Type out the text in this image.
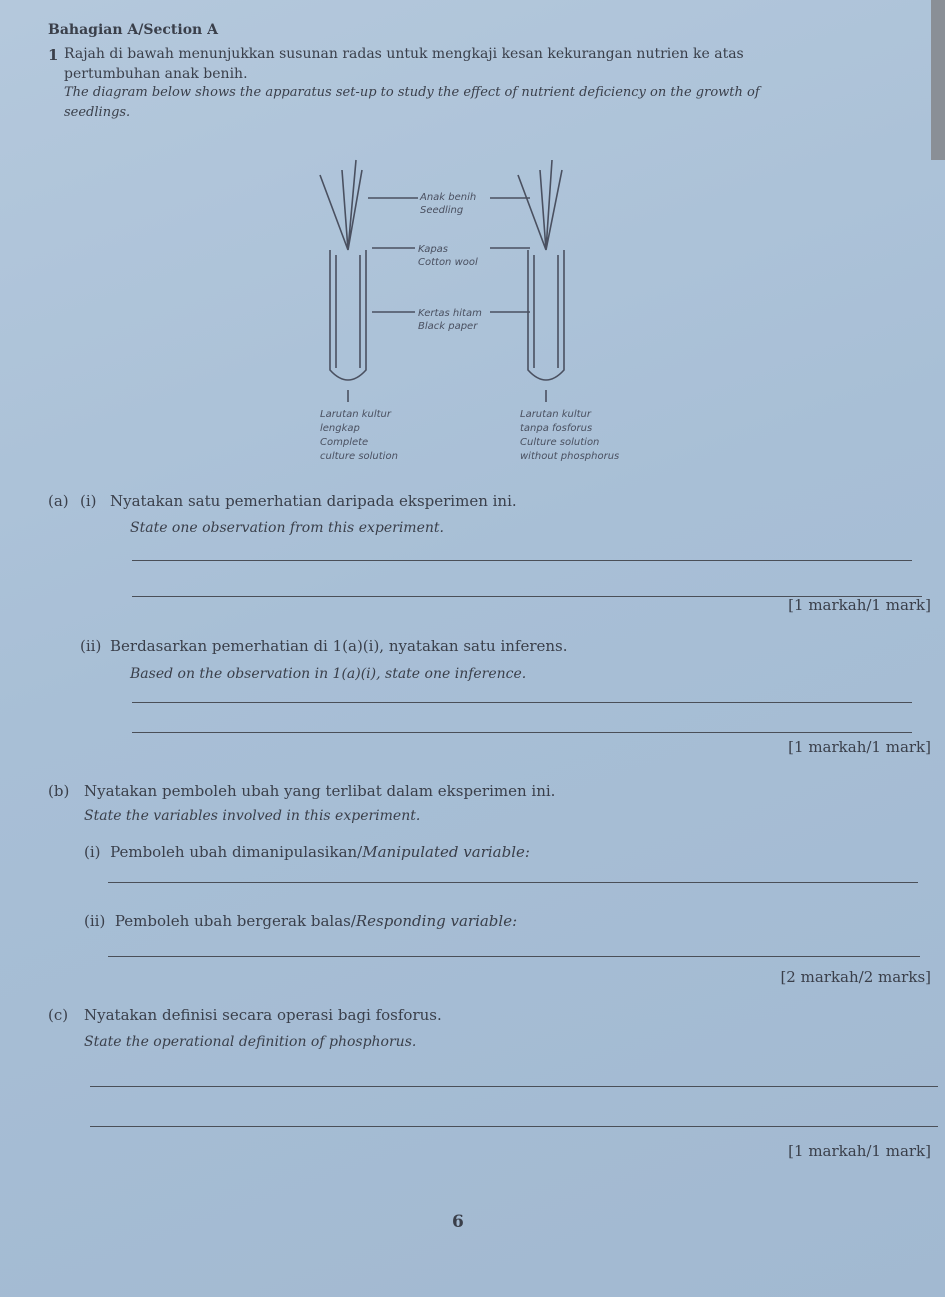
Bahagian A/Section A
1 Rajah di bawah menunjukkan susunan radas untuk mengkaji kesan kekurangan nutrien ke atas
pertumbuhan anak benih.
The diagram below shows the apparatus set-up to study the effect of nutrient deficiency on the growth of
seedlings.
Anak benih
Seedling
Kapas
Cotton wool
Kertas hitam
Black paper
Larutan kultur
lengkap
Complete
culture solution
Larutan kultur
tanpa fosforus
Culture solution
without phosphorus
(a) (i) Nyatakan satu pemerhatian daripada eksperimen ini.
State one observation from this experiment.
[1 markah/1 mark]
(ii) Berdasarkan pemerhatian di 1(a)(i), nyatakan satu inferens.
Based on the observation in 1(a)(i), state one inference.
[1 markah/1 mark]
(b) Nyatakan pemboleh ubah yang terlibat dalam eksperimen ini.
State the variables involved in this experiment.
(i) Pemboleh ubah dimanipulasikan/Manipulated variable:
(ii) Pemboleh ubah bergerak balas/Responding variable:
[2 markah/2 marks]
(c) Nyatakan definisi secara operasi bagi fosforus.
State the operational definition of phosphorus.
[1 markah/1 mark]
6
